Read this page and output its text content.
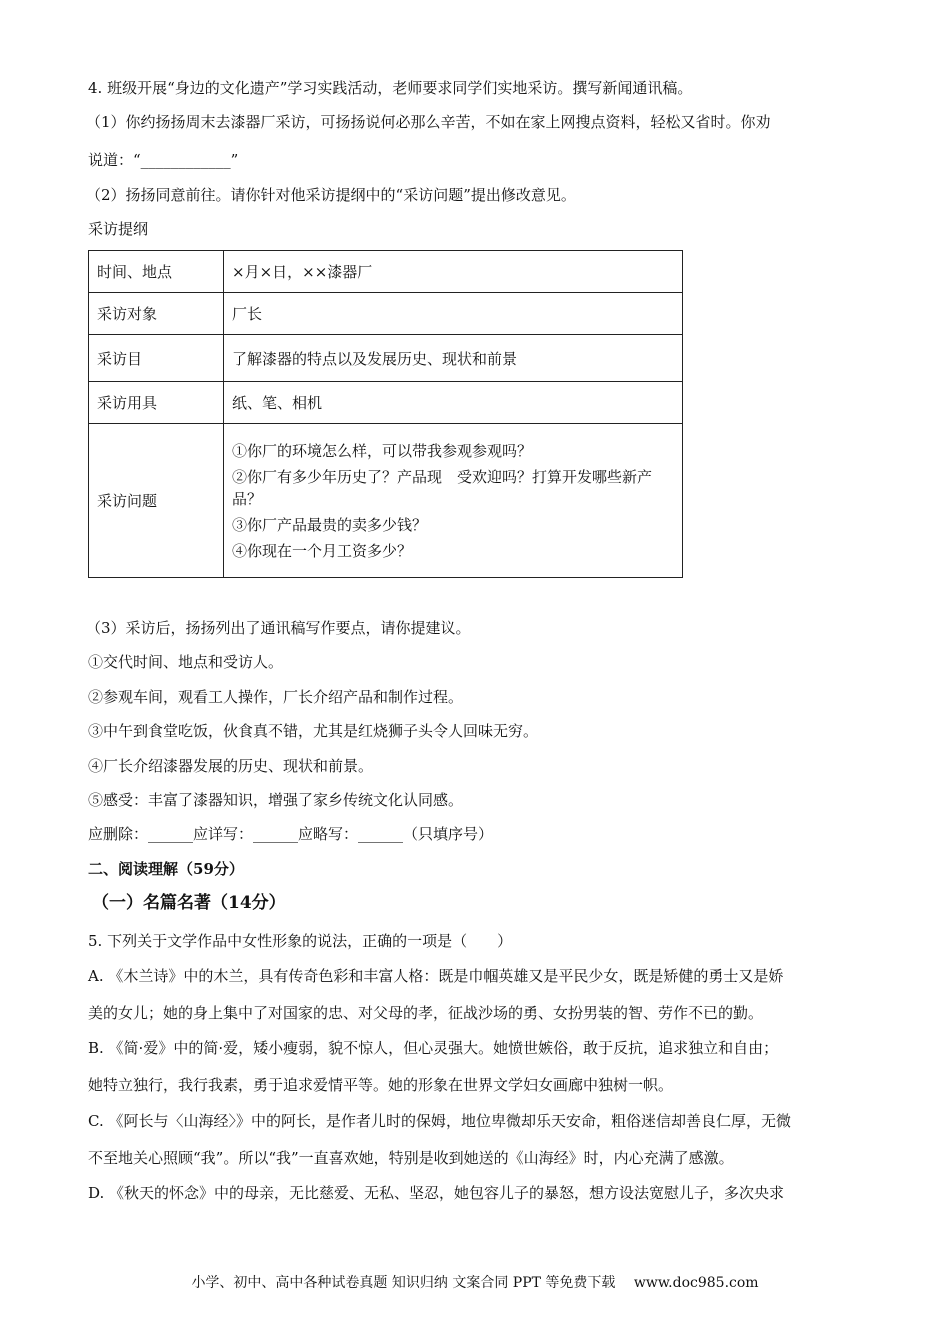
4. 班级开展“身边的文化遗产”学习实践活动，老师要求同学们实地采访。撰写新闻通讯稿。
（1）你约扬扬周末去漆器厂采访，可扬扬说何必那么辛苦，不如在家上网搜点资料，轻松又省时。你劝
说道：“____________”
（2）扬扬同意前往。请你针对他采访提纲中的“采访问题”提出修改意见。
采访提纲
时间、地点	×月×日，××漆器厂
采访对象	厂长
采访目	了解漆器的特点以及发展历史、现状和前景
采访用具	纸、笔、相机
采访问题	①你厂的环境怎么样，可以带我参观参观吗？
②你厂有多少年历史了？产品现　受欢迎吗？打算开发哪些新产品？
③你厂产品最贵的卖多少钱？
④你现在一个月工资多少？
（3）采访后，扬扬列出了通讯稿写作要点，请你提建议。
①交代时间、地点和受访人。
②参观车间，观看工人操作，厂长介绍产品和制作过程。
③中午到食堂吃饭，伙食真不错，尤其是红烧狮子头令人回味无穷。
④厂长介绍漆器发展的历史、现状和前景。
⑤感受：丰富了漆器知识，增强了家乡传统文化认同感。
应删除：______应详写：______应略写：______（只填序号）
二、阅读理解（59分）
（一）名篇名著（14分）
5. 下列关于文学作品中女性形象的说法，正确的一项是（　　）
A. 《木兰诗》中的木兰，具有传奇色彩和丰富人格：既是巾帼英雄又是平民少女，既是矫健的勇士又是娇
美的女儿；她的身上集中了对国家的忠、对父母的孝，征战沙场的勇、女扮男装的智、劳作不已的勤。
B. 《简·爱》中的简·爱，矮小瘦弱，貌不惊人，但心灵强大。她愤世嫉俗，敢于反抗，追求独立和自由；
她特立独行，我行我素，勇于追求爱情平等。她的形象在世界文学妇女画廊中独树一帜。
C. 《阿长与〈山海经〉》中的阿长，是作者儿时的保姆，地位卑微却乐天安命，粗俗迷信却善良仁厚，无微
不至地关心照顾“我”。所以“我”一直喜欢她，特别是收到她送的《山海经》时，内心充满了感激。
D. 《秋天的怀念》中的母亲，无比慈爱、无私、坚忍，她包容儿子的暴怒，想方设法宽慰儿子，多次央求
小学、初中、高中各种试卷真题 知识归纳 文案合同 PPT 等免费下载 www.doc985.com
